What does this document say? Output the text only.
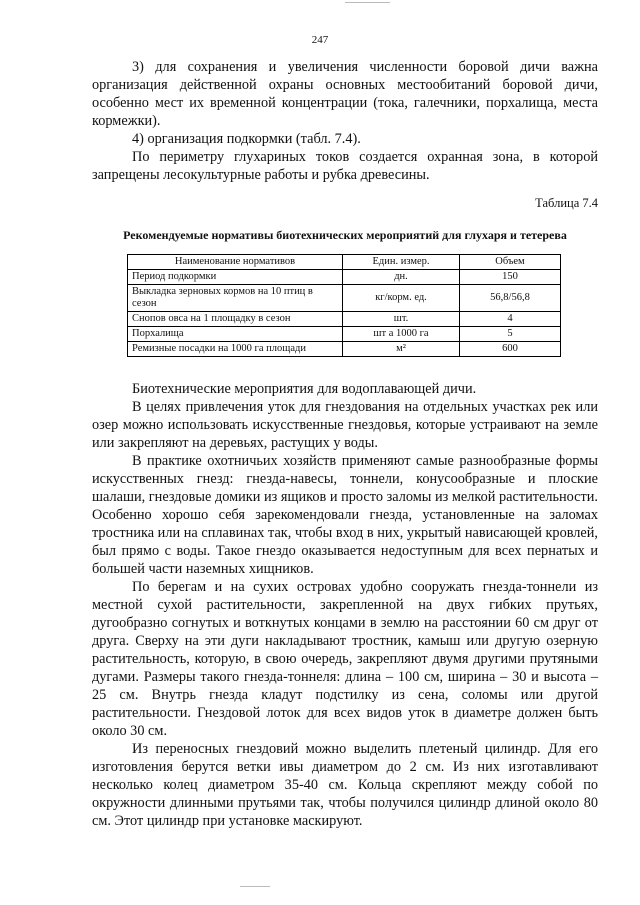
247

3) для сохранения и увеличения численности боровой дичи важна организация действенной охраны основных местообитаний боровой дичи, особенно мест их временной концентрации (тока, галечники, порхалища, места кормежки).

4) организация подкормки (табл. 7.4).

По периметру глухариных токов создается охранная зона, в которой запрещены лесокультурные работы и рубка древесины.

Таблица 7.4
Рекомендуемые нормативы биотехнических мероприятий для глухаря и тетерева
Наименование нормативов	Един. измер.	Объем
Период подкормки	дн.	150
Выкладка зерновых кормов на 10 птиц в сезон	кг/корм. ед.	56,8/56,8
Снопов овса на 1 площадку в сезон	шт.	4
Порхалища	шт а 1000 га	5
Ремизные посадки на 1000 га площади	м²	600

Биотехнические мероприятия для водоплавающей дичи.

В целях привлечения уток для гнездования на отдельных участках рек или озер можно использовать искусственные гнездовья, которые устраивают на земле или закрепляют на деревьях, растущих у воды.

В практике охотничьих хозяйств применяют самые разнообразные формы искусственных гнезд: гнезда-навесы, тоннели, конусообразные и плоские шалаши, гнездовые домики из ящиков и просто заломы из мелкой растительности. Особенно хорошо себя зарекомендовали гнезда, установленные на заломах тростника или на сплавинах так, чтобы вход в них, укрытый нависающей кровлей, был прямо с воды. Такое гнездо оказывается недоступным для всех пернатых и большей части наземных хищников.

По берегам и на сухих островах удобно сооружать гнезда-тоннели из местной сухой растительности, закрепленной на двух гибких прутьях, дугообразно согнутых и воткнутых концами в землю на расстоянии 60 см друг от друга. Сверху на эти дуги накладывают тростник, камыш или другую озерную растительность, которую, в свою очередь, закрепляют двумя другими прутяными дугами. Размеры такого гнезда-тоннеля: длина – 100 см, ширина – 30 и высота – 25 см. Внутрь гнезда кладут подстилку из сена, соломы или другой растительности. Гнездовой лоток для всех видов уток в диаметре должен быть около 30 см.

Из переносных гнездовий можно выделить плетеный цилиндр. Для его изготовления берутся ветки ивы диаметром до 2 см. Из них изготавливают несколько колец диаметром 35-40 см. Кольца скрепляют между собой по окружности длинными прутьями так, чтобы получился цилиндр длиной около 80 см. Этот цилиндр при установке маскируют.
